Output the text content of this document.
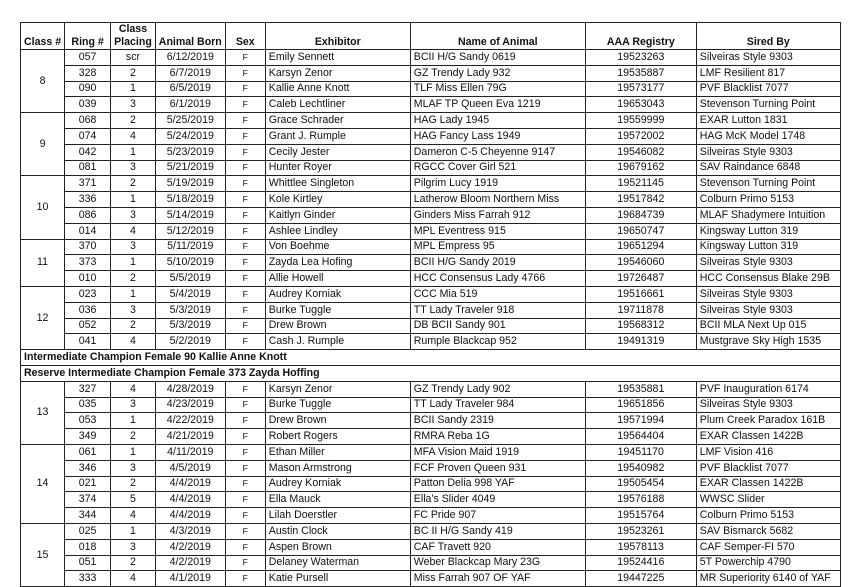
Class #	Ring #	Class	Animal Born	Sex	Exhibitor	Name of Animal	AAA Registry	Sired By
		Placing						
8	057	scr	6/12/2019	F	Emily Sennett	BCII H/G Sandy 0619	19523263	Silveiras Style 9303
	328	2	6/7/2019	F	Karsyn Zenor	GZ Trendy Lady 932	19535887	LMF Resilient 817
	090	1	6/5/2019	F	Kallie Anne Knott	TLF Miss Ellen 79G	19573177	PVF Blacklist 7077
	039	3	6/1/2019	F	Caleb Lechtliner	MLAF TP Queen Eva 1219	19653043	Stevenson Turning Point
9	068	2	5/25/2019	F	Grace Schrader	HAG Lady 1945	19559999	EXAR Lutton 1831
	074	4	5/24/2019	F	Grant J. Rumple	HAG Fancy Lass 1949	19572002	HAG McK Model 1748
	042	1	5/23/2019	F	Cecily Jester	Dameron C-5 Cheyenne 9147	19546082	Silveiras Style 9303
	081	3	5/21/2019	F	Hunter Royer	RGCC Cover Girl 521	19679162	SAV Raindance 6848
10	371	2	5/19/2019	F	Whittlee Singleton	Pilgrim Lucy 1919	19521145	Stevenson Turning Point
	336	1	5/18/2019	F	Kole Kirtley	Latherow Bloom Northern Miss	19517842	Colburn Primo 5153
	086	3	5/14/2019	F	Kaitlyn Ginder	Ginders Miss Farrah 912	19684739	MLAF Shadymere Intuition
	014	4	5/12/2019	F	Ashlee Lindley	MPL Eventress 915	19650747	Kingsway Lutton 319
11	370	3	5/11/2019	F	Von Boehme	MPL Empress 95	19651294	Kingsway Lutton 319
	373	1	5/10/2019	F	Zayda Lea Hofing	BCII H/G Sandy 2019	19546060	Silveiras Style 9303
	010	2	5/5/2019	F	Allie Howell	HCC Consensus Lady 4766	19726487	HCC Consensus Blake 29B
12	023	1	5/4/2019	F	Audrey Korniak	CCC Mia 519	19516661	Silveiras Style 9303
	036	3	5/3/2019	F	Burke Tuggle	TT Lady Traveler 918	19711878	Silveiras Style 9303
	052	2	5/3/2019	F	Drew Brown	DB BCII Sandy 901	19568312	BCII MLA Next Up 015
	041	4	5/2/2019	F	Cash J. Rumple	Rumple Blackcap 952	19491319	Mustgrave Sky High 1535
Intermediate Champion Female 90 Kallie Anne Knott								
Reserve Intermediate Champion Female 373 Zayda Hoffing								
13	327	4	4/28/2019	F	Karsyn Zenor	GZ Trendy Lady 902	19535881	PVF Inauguration 6174
	035	3	4/23/2019	F	Burke Tuggle	TT Lady Traveler 984	19651856	Silveiras Style 9303
	053	1	4/22/2019	F	Drew Brown	BCII Sandy 2319	19571994	Plum Creek Paradox 161B
	349	2	4/21/2019	F	Robert Rogers	RMRA Reba 1G	19564404	EXAR Classen 1422B
14	061	1	4/11/2019	F	Ethan Miller	MFA Vision Maid 1919	19451170	LMF Vision 416
	346	3	4/5/2019	F	Mason Armstrong	FCF Proven Queen 931	19540982	PVF Blacklist 7077
	021	2	4/4/2019	F	Audrey Korniak	Patton Delia 998 YAF	19505454	EXAR Classen 1422B
	374	5	4/4/2019	F	Ella Mauck	Ella's Slider 4049	19576188	WWSC Slider
	344	4	4/4/2019	F	Lilah Doerstler	FC Pride 907	19515764	Colburn Primo 5153
15	025	1	4/3/2019	F	Austin Clock	BC II H/G Sandy 419	19523261	SAV Bismarck 5682
	018	3	4/2/2019	F	Aspen Brown	CAF Travett 920	19578113	CAF Semper-FI 570
	051	2	4/2/2019	F	Delaney Waterman	Weber Blackcap Mary 23G	19524416	5T Powerchip 4790
	333	4	4/1/2019	F	Katie Pursell	Miss Farrah 907 OF YAF	19447225	MR Superiority 6140 of YAF
